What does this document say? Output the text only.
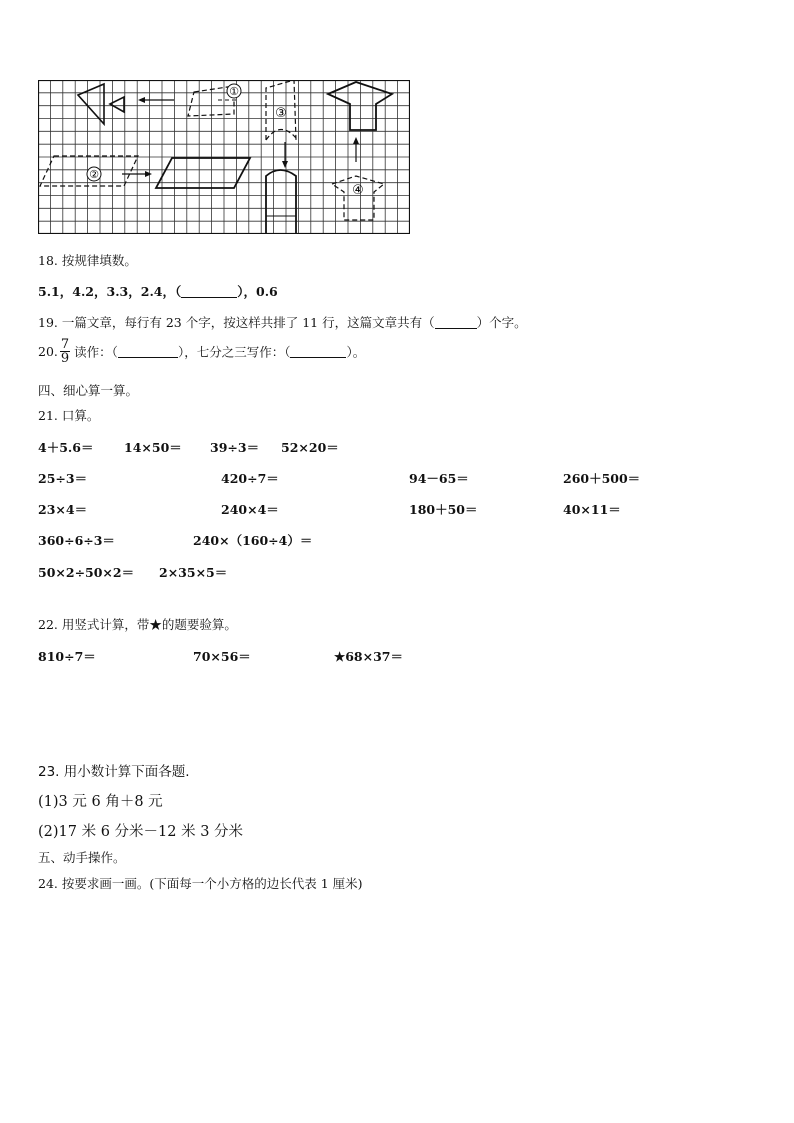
①
③
②
④
18. 按规律填数。
5.1，4.2，3.3，2.4，（	），0.6
19. 一篇文章，每行有 23 个字，按这样共排了 11 行，这篇文章共有（	）个字。
20. $\frac{7}{9}$ 读作：（	），七分之三写作：（	）。
四、细心算一算。
21. 口算。
4＋5.6＝ 14×50＝ 39÷3＝ 52×20＝
25÷3＝	420÷7＝	94－65＝	260＋500＝
23×4＝	240×4＝	180＋50＝	40×11＝
360÷6÷3＝	240×（160÷4）＝
50×2÷50×2＝ 2×35×5＝
22. 用竖式计算，带★的题要验算。
810÷7＝	70×56＝	★68×37＝
23. 用小数计算下面各题.
(1)3 元 6 角＋8 元
(2)17 米 6 分米－12 米 3 分米
五、动手操作。
24. 按要求画一画。(下面每一个小方格的边长代表 1 厘米)
